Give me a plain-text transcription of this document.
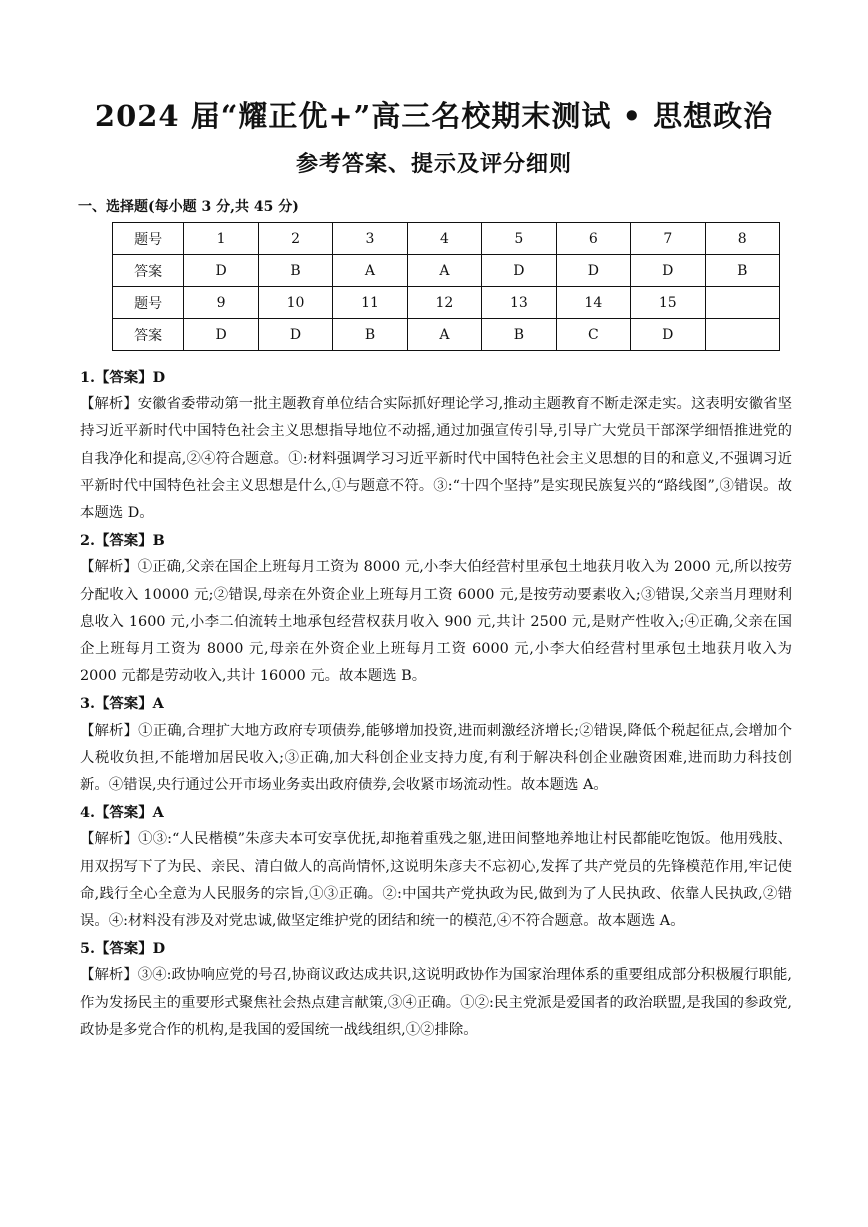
2024 届“耀正优+”高三名校期末测试 • 思想政治
参考答案、提示及评分细则
一、选择题(每小题 3 分,共 45 分)
题号	1	2	3	4	5	6	7	8
答案	D	B	A	A	D	D	D	B
题号	9	10	11	12	13	14	15	
答案	D	D	B	A	B	C	D	

1.【答案】D

【解析】安徽省委带动第一批主题教育单位结合实际抓好理论学习,推动主题教育不断走深走实。这表明安徽省坚持习近平新时代中国特色社会主义思想指导地位不动摇,通过加强宣传引导,引导广大党员干部深学细悟推进党的自我净化和提高,②④符合题意。①:材料强调学习习近平新时代中国特色社会主义思想的目的和意义,不强调习近平新时代中国特色社会主义思想是什么,①与题意不符。③:“十四个坚持”是实现民族复兴的“路线图”,③错误。故本题选 D。

2.【答案】B

【解析】①正确,父亲在国企上班每月工资为 8000 元,小李大伯经营村里承包土地获月收入为 2000 元,所以按劳分配收入 10000 元;②错误,母亲在外资企业上班每月工资 6000 元,是按劳动要素收入;③错误,父亲当月理财利息收入 1600 元,小李二伯流转土地承包经营权获月收入 900 元,共计 2500 元,是财产性收入;④正确,父亲在国企上班每月工资为 8000 元,母亲在外资企业上班每月工资 6000 元,小李大伯经营村里承包土地获月收入为 2000 元都是劳动收入,共计 16000 元。故本题选 B。

3.【答案】A

【解析】①正确,合理扩大地方政府专项债券,能够增加投资,进而刺激经济增长;②错误,降低个税起征点,会增加个人税收负担,不能增加居民收入;③正确,加大科创企业支持力度,有利于解决科创企业融资困难,进而助力科技创新。④错误,央行通过公开市场业务卖出政府债券,会收紧市场流动性。故本题选 A。

4.【答案】A

【解析】①③:“人民楷模”朱彦夫本可安享优抚,却拖着重残之躯,进田间整地养地让村民都能吃饱饭。他用残肢、用双拐写下了为民、亲民、清白做人的高尚情怀,这说明朱彦夫不忘初心,发挥了共产党员的先锋模范作用,牢记使命,践行全心全意为人民服务的宗旨,①③正确。②:中国共产党执政为民,做到为了人民执政、依靠人民执政,②错误。④:材料没有涉及对党忠诚,做坚定维护党的团结和统一的模范,④不符合题意。故本题选 A。

5.【答案】D

【解析】③④:政协响应党的号召,协商议政达成共识,这说明政协作为国家治理体系的重要组成部分积极履行职能,作为发扬民主的重要形式聚焦社会热点建言献策,③④正确。①②:民主党派是爱国者的政治联盟,是我国的参政党,政协是多党合作的机构,是我国的爱国统一战线组织,①②排除。
